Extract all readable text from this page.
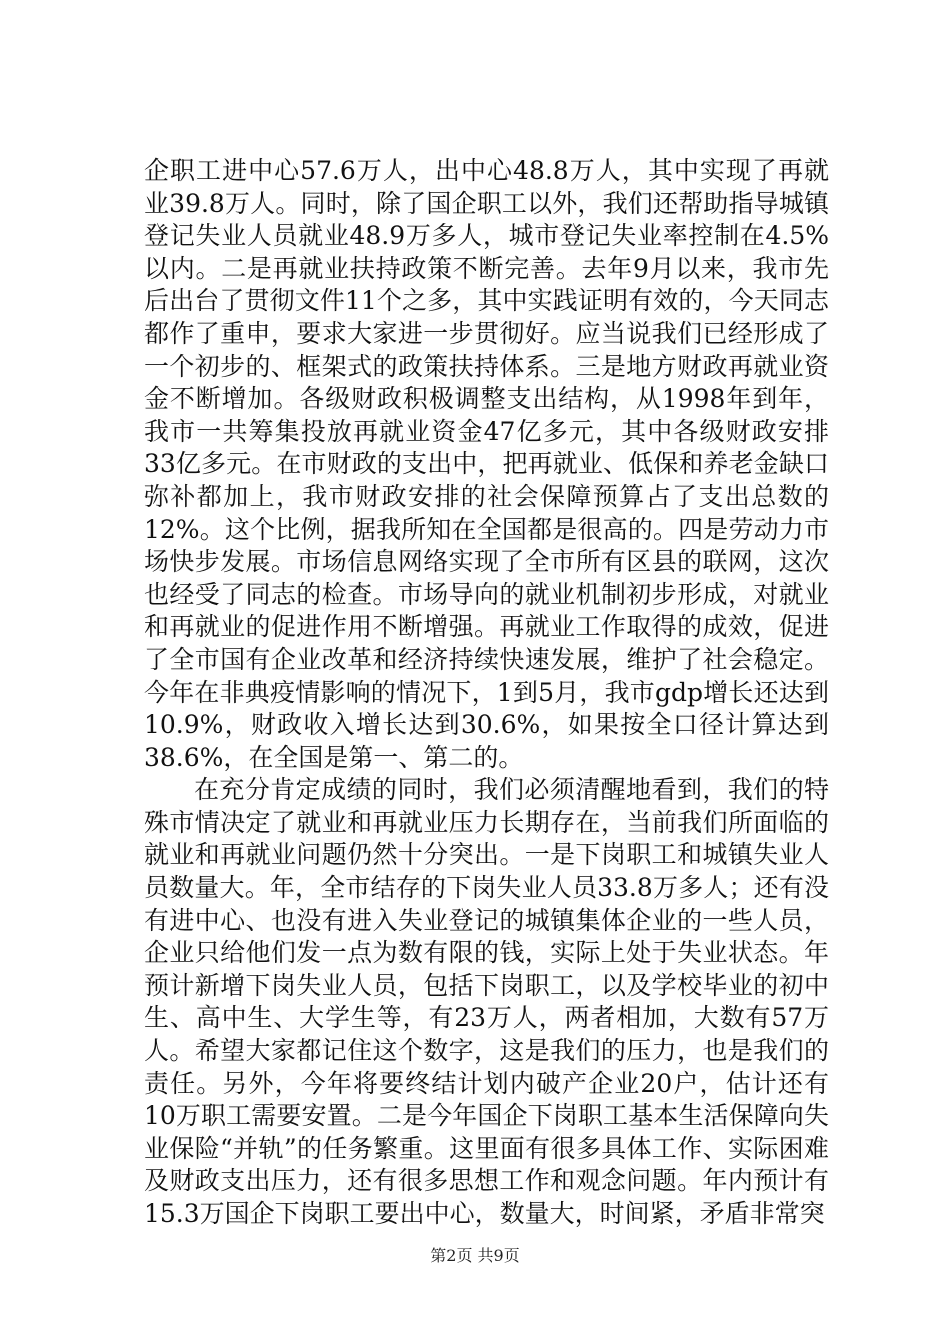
企职工进中心57.6万人，出中心48.8万人，其中实现了再就业39.8万人。同时，除了国企职工以外，我们还帮助指导城镇登记失业人员就业48.9万多人，城市登记失业率控制在4.5%以内。二是再就业扶持政策不断完善。去年9月以来，我市先后出台了贯彻文件11个之多，其中实践证明有效的，今天同志都作了重申，要求大家进一步贯彻好。应当说我们已经形成了一个初步的、框架式的政策扶持体系。三是地方财政再就业资金不断增加。各级财政积极调整支出结构，从1998年到年，我市一共筹集投放再就业资金47亿多元，其中各级财政安排33亿多元。在市财政的支出中，把再就业、低保和养老金缺口弥补都加上，我市财政安排的社会保障预算占了支出总数的12%。这个比例，据我所知在全国都是很高的。四是劳动力市场快步发展。市场信息网络实现了全市所有区县的联网，这次也经受了同志的检查。市场导向的就业机制初步形成，对就业和再就业的促进作用不断增强。再就业工作取得的成效，促进了全市国有企业改革和经济持续快速发展，维护了社会稳定。今年在非典疫情影响的情况下，1到5月，我市gdp增长还达到10.9%，财政收入增长达到30.6%，如果按全口径计算达到38.6%，在全国是第一、第二的。

在充分肯定成绩的同时，我们必须清醒地看到，我们的特殊市情决定了就业和再就业压力长期存在，当前我们所面临的就业和再就业问题仍然十分突出。一是下岗职工和城镇失业人员数量大。年，全市结存的下岗失业人员33.8万多人；还有没有进中心、也没有进入失业登记的城镇集体企业的一些人员，企业只给他们发一点为数有限的钱，实际上处于失业状态。年预计新增下岗失业人员，包括下岗职工，以及学校毕业的初中生、高中生、大学生等，有23万人，两者相加，大数有57万人。希望大家都记住这个数字，这是我们的压力，也是我们的责任。另外，今年将要终结计划内破产企业20户，估计还有10万职工需要安置。二是今年国企下岗职工基本生活保障向失业保险“并轨”的任务繁重。这里面有很多具体工作、实际困难及财政支出压力，还有很多思想工作和观念问题。年内预计有15.3万国企下岗职工要出中心，数量大，时间紧，矛盾非常突

第2页 共9页
